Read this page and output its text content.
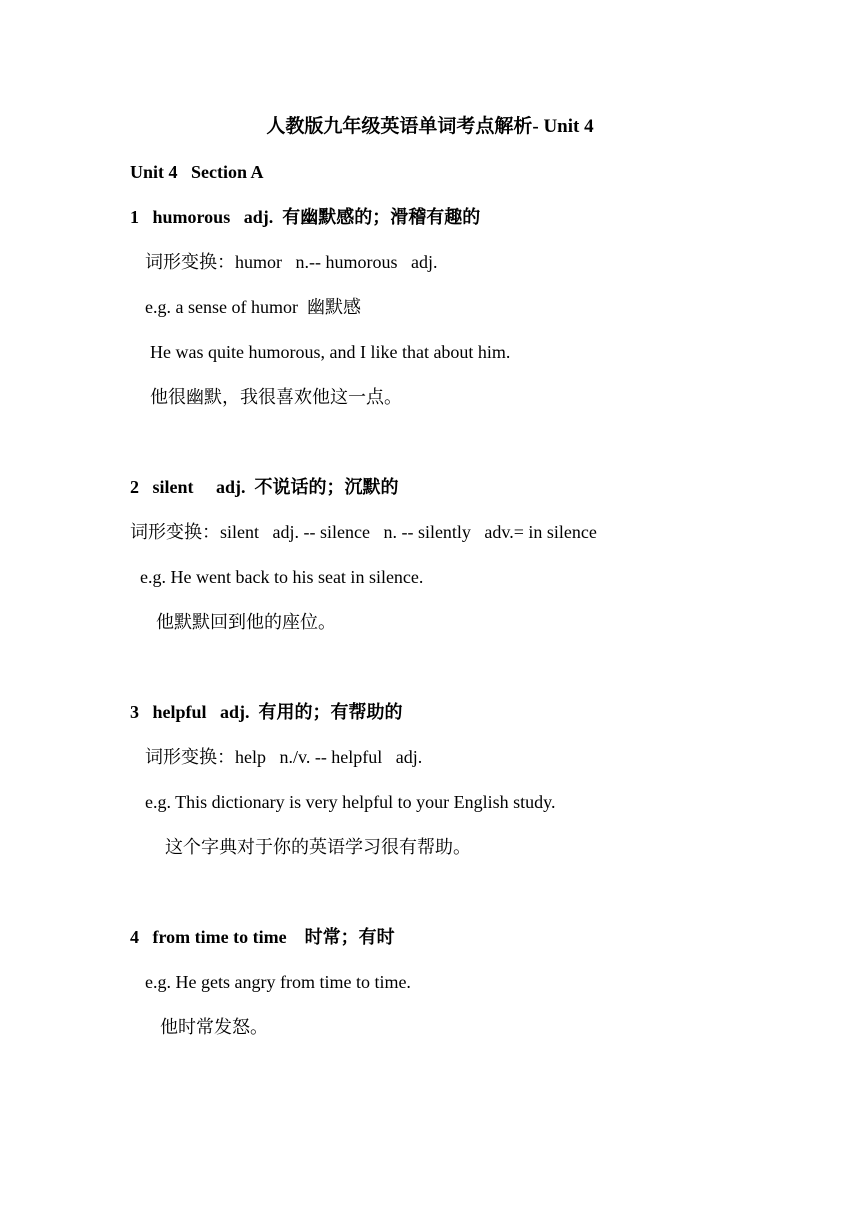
人教版九年级英语单词考点解析- Unit 4
Unit 4   Section A
1 humorous   adj. 有幽默感的；滑稽有趣的
词形变换：humor   n.-- humorous   adj.
e.g. a sense of humor  幽默感
He was quite humorous, and I like that about him.
他很幽默，我很喜欢他这一点。
2 silent     adj. 不说话的；沉默的
词形变换：silent   adj. -- silence   n. -- silently   adv.= in silence
e.g. He went back to his seat in silence.
他默默回到他的座位。
3 helpful   adj. 有用的；有帮助的
词形变换：help   n./v. -- helpful   adj.
e.g. This dictionary is very helpful to your English study.
这个字典对于你的英语学习很有帮助。
4 from time to time 时常；有时
e.g. He gets angry from time to time.
他时常发怒。
